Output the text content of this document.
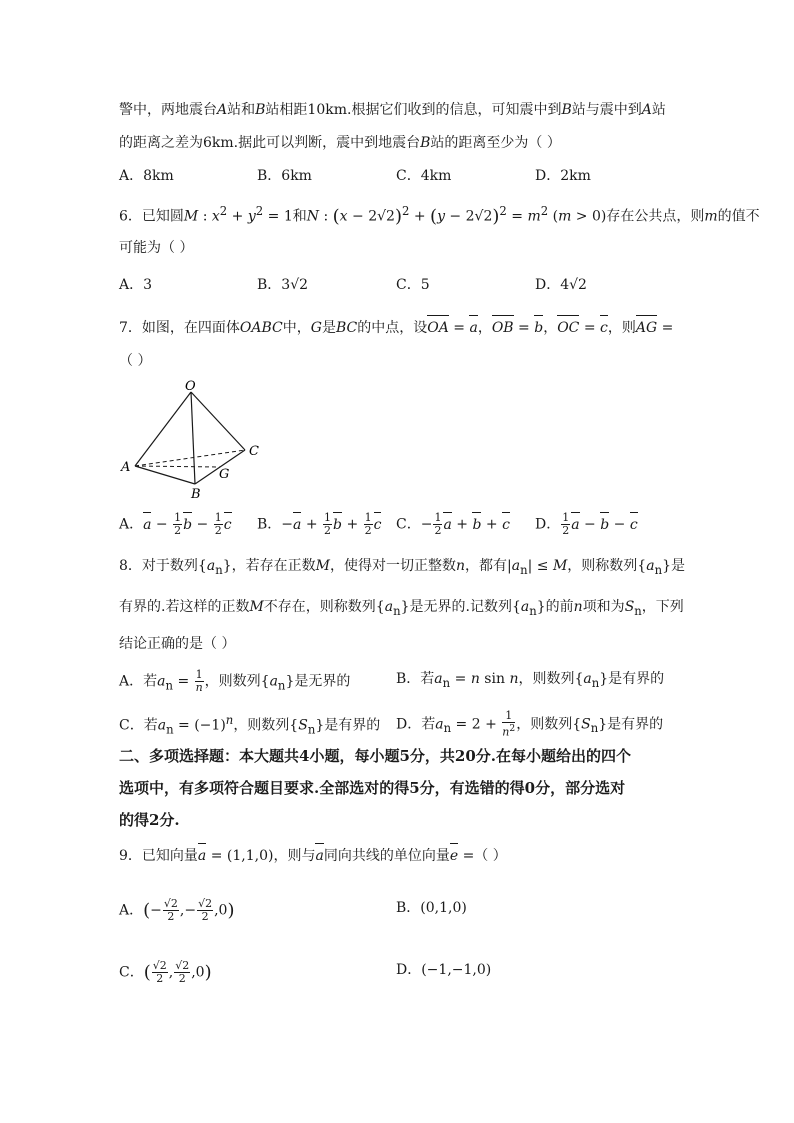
警中，两地震台A站和B站相距10km.根据它们收到的信息，可知震中到B站与震中到A站
的距离之差为6km.据此可以判断，震中到地震台B站的距离至少为（ ）
A．8km	B．6km	C．4km	D．2km
6．已知圆M : $x^2 + y^2 = 1$和N : $(x - 2√2)^2 + (y - 2√2)^2 = m^2$ (m > 0)存在公共点，则m的值不
可能为（ ）
A．3	B．3√2	C．5	D．4√2
7．如图，在四面体OABC中，G是BC的中点，设OA = a，OB = b，OC = c，则AG =
（ ）
O
A
B
C
G
A．$a - \frac{1}{2}$ $b - \frac{1}{2}$ c B．$-a + \frac{1}{2}$ $b + \frac{1}{2}$ c C．− $\frac{1}{2}$ a + b + c D． $\frac{1}{2}$ a − b − c
8．对于数列$\{a_n\}$，若存在正数M，使得对一切正整数n，都有$|a_n| \le M$，则称数列$\{a_n\}$是
有界的.若这样的正数M不存在，则称数列$\{a_n\}$是无界的.记数列$\{a_n\}$的前n项和为$S_n$，下列
结论正确的是（ ）
A．若$a_n = \frac{1}{n}$ ，则数列$\{a_n\}$是无界的	B．若$a_n = n$ sin n，则数列$\{a_n\}$是有界的
C．若$a_n = (-1)^n$，则数列$\{S_n\}$是有界的 D．若$a_n = 2 + \frac{1}{n^2}$ ，则数列$\{S_n\}$是有界的
二、多项选择题：本大题共4小题，每小题5分，共20分.在每小题给出的四个
选项中，有多项符合题目要求.全部选对的得5分，有选错的得0分，部分选对
的得2分.
9．已知向量a = (1,1,0)，则与a同向共线的单位向量e =（ ）
A．(− $\frac{√2}{2}$ ,− $\frac{√2}{2} ,0$)	B．(0,1,0)
C．( $\frac{√2}{2}$ , $\frac{√2}{2} ,0$)	D．(−1,−1,0)
